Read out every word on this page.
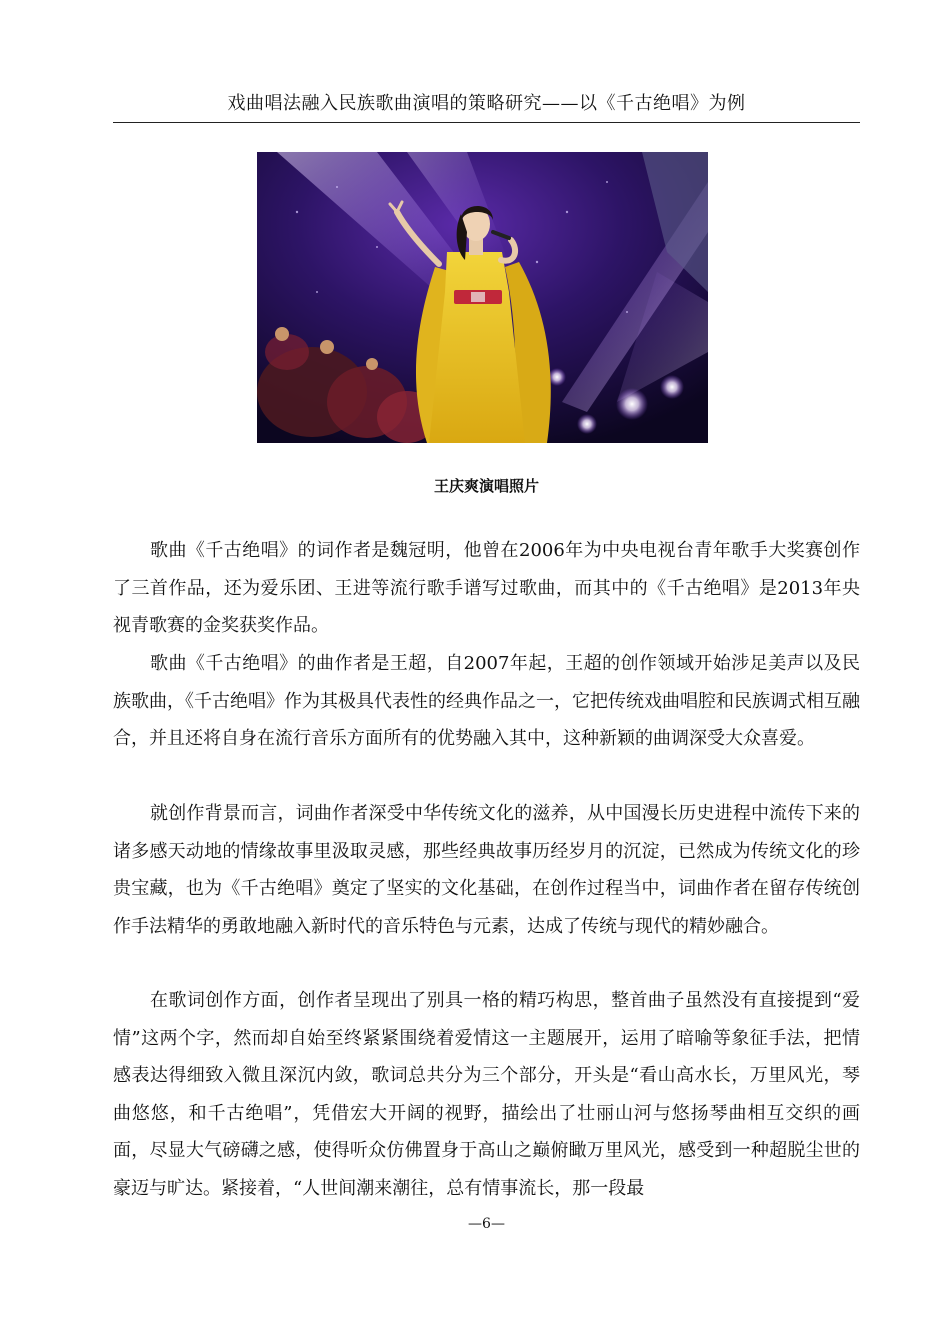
戏曲唱法融入民族歌曲演唱的策略研究——以《千古绝唱》为例
王庆爽演唱照片

歌曲《千古绝唱》的词作者是魏冠明，他曾在2006年为中央电视台青年歌手大奖赛创作了三首作品，还为爱乐团、王进等流行歌手谱写过歌曲，而其中的《千古绝唱》是2013年央视青歌赛的金奖获奖作品。

歌曲《千古绝唱》的曲作者是王超，自2007年起，王超的创作领域开始涉足美声以及民族歌曲，《千古绝唱》作为其极具代表性的经典作品之一，它把传统戏曲唱腔和民族调式相互融合，并且还将自身在流行音乐方面所有的优势融入其中，这种新颖的曲调深受大众喜爱。

就创作背景而言，词曲作者深受中华传统文化的滋养，从中国漫长历史进程中流传下来的诸多感天动地的情缘故事里汲取灵感，那些经典故事历经岁月的沉淀，已然成为传统文化的珍贵宝藏，也为《千古绝唱》奠定了坚实的文化基础，在创作过程当中，词曲作者在留存传统创作手法精华的勇敢地融入新时代的音乐特色与元素，达成了传统与现代的精妙融合。

在歌词创作方面，创作者呈现出了别具一格的精巧构思，整首曲子虽然没有直接提到“爱情”这两个字，然而却自始至终紧紧围绕着爱情这一主题展开，运用了暗喻等象征手法，把情感表达得细致入微且深沉内敛，歌词总共分为三个部分，开头是“看山高水长，万里风光，琴曲悠悠，和千古绝唱”，凭借宏大开阔的视野，描绘出了壮丽山河与悠扬琴曲相互交织的画面，尽显大气磅礴之感，使得听众仿佛置身于高山之巅俯瞰万里风光，感受到一种超脱尘世的豪迈与旷达。紧接着，“人世间潮来潮往，总有情事流长，那一段最

—6—
